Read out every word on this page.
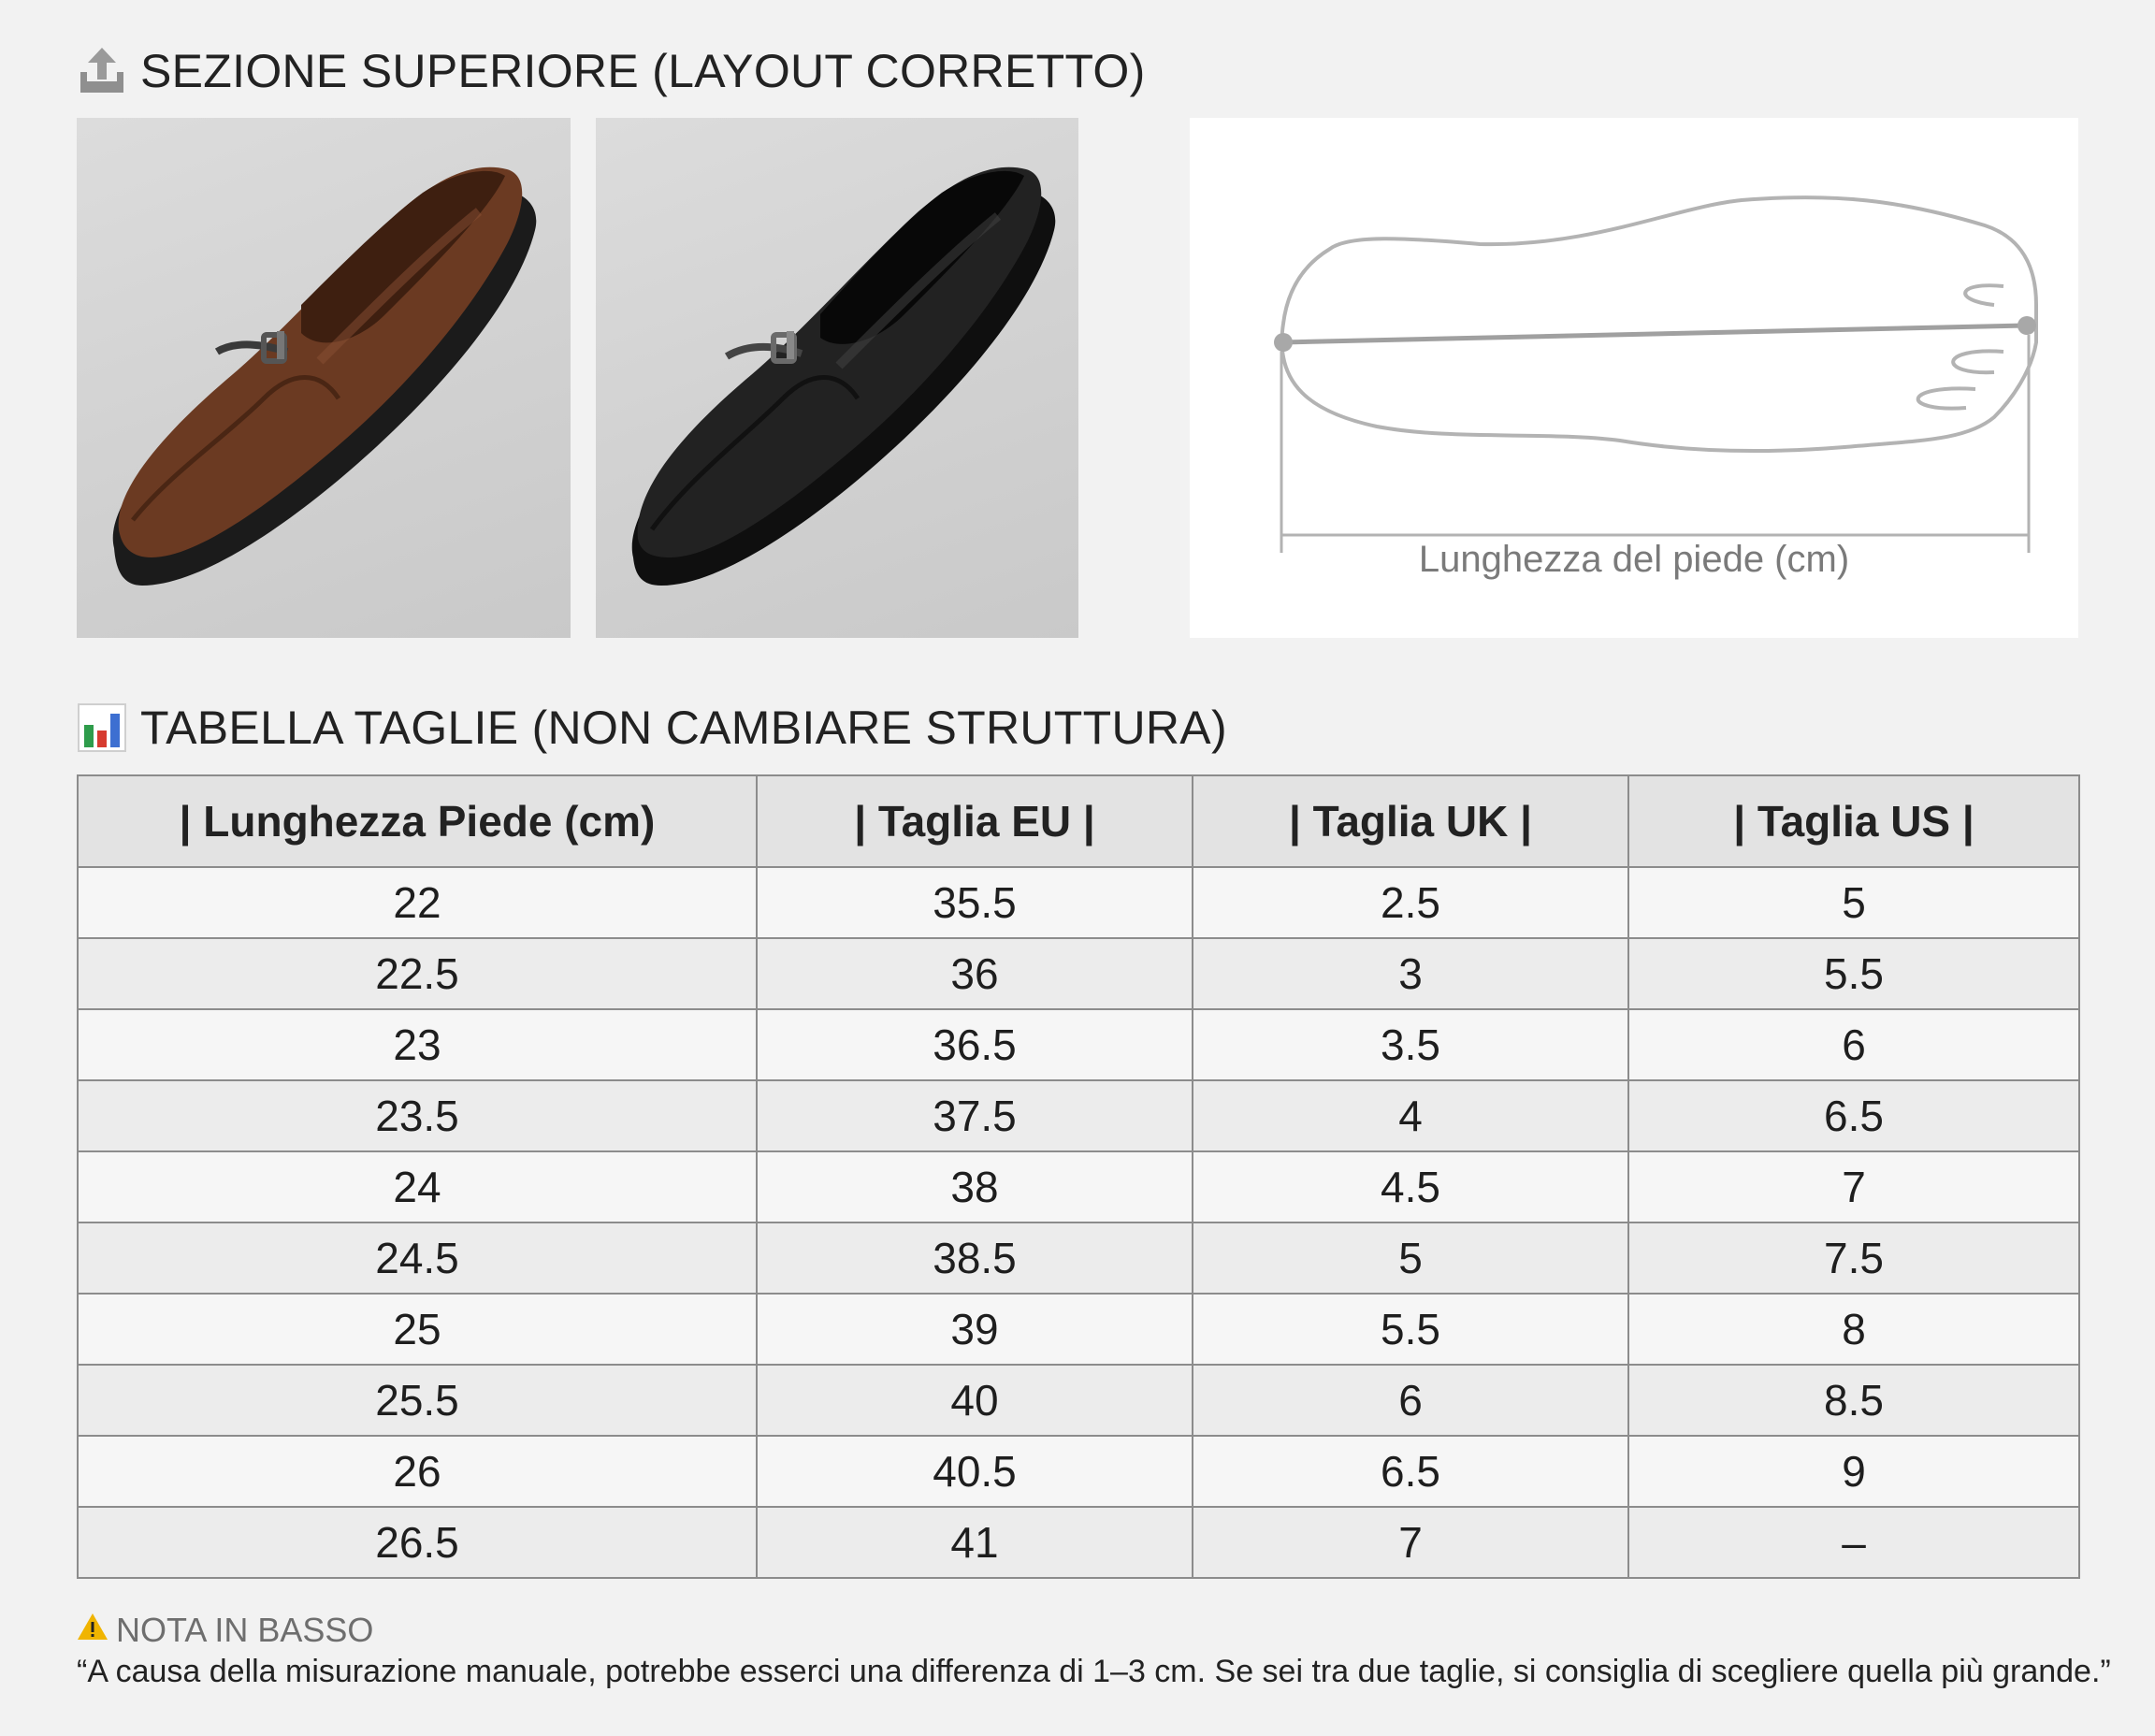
SEZIONE SUPERIORE (LAYOUT CORRETTO)
Lunghezza del piede (cm)
TABELLA TAGLIE (NON CAMBIARE STRUTTURA)
| Lunghezza Piede (cm)	| Taglia EU |	| Taglia UK |	| Taglia US |
22	35.5	2.5	5
22.5	36	3	5.5
23	36.5	3.5	6
23.5	37.5	4	6.5
24	38	4.5	7
24.5	38.5	5	7.5
25	39	5.5	8
25.5	40	6	8.5
26	40.5	6.5	9
26.5	41	7	–
NOTA IN BASSO
“A causa della misurazione manuale, potrebbe esserci una differenza di 1–3 cm. Se sei tra due taglie, si consiglia di scegliere quella più grande.”
